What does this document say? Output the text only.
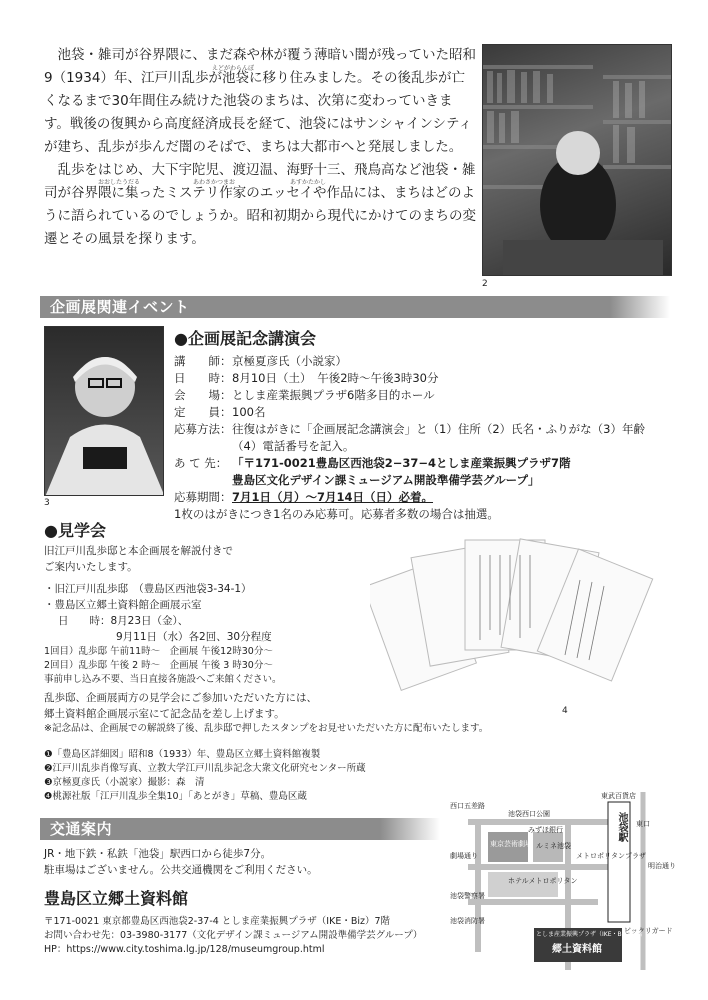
2

池袋・雑司が谷界隈に、まだ森や林が覆う薄暗い闇が残っていた昭和9（1934）年、江戸川乱歩が池袋に移り住みました。その後乱歩が亡くなるまで30年間住み続けた池袋のまちは、次第に変わっていきます。戦後の復興から高度経済成長を経て、池袋にはサンシャインシティが建ち、乱歩が歩んだ闇のそばで、まちは大都市へと発展しました。

乱歩をはじめ、大下宇陀児、渡辺温、海野十三、飛鳥高など池袋・雑司が谷界隈に集ったミステリ作家のエッセイや作品には、まちはどのように語られているのでしょうか。昭和初期から現代にかけてのまちの変遷とその風景を探ります。

えどがわらんぽ
おおしたうだる	あわさかつまお	あすかたかし
企画展関連イベント
3
●企画展記念講演会
講　　師： 京極夏彦氏（小説家）
日　　時： 8月10日（土）　午後2時〜午後3時30分
会　　場： としま産業振興プラザ6階多目的ホール
定　　員： 100名
応募方法： 往復はがきに「企画展記念講演会」と（1）住所（2）氏名・ふりがな（3）年齢
（4）電話番号を記入。
あ て 先： 「〒171-0021豊島区西池袋2−37−4としま産業振興プラザ7階
豊島区文化デザイン課ミュージアム開設準備学芸グループ」
応募期間： 7月1日（月）〜7月14日（日）必着。
1枚のはがきにつき1名のみ応募可。応募者多数の場合は抽選。
●見学会
旧江戸川乱歩邸と本企画展を解説付きで
ご案内いたします。
・旧江戸川乱歩邸　（豊島区西池袋3-34-1）
・豊島区立郷土資料館企画展示室
日　　時：8月23日（金）、
9月11日（水）各2回、30分程度
1回目）乱歩邸 午前11時〜　企画展 午後12時30分〜
2回目）乱歩邸 午後 2 時〜　企画展 午後 3 時30分〜
事前申し込み不要、当日直接各施設へご来館ください。
4
乱歩邸、企画展両方の見学会にご参加いただいた方には、
郷土資料館企画展示室にて記念品を差し上げます。
※記念品は、企画展での解説終了後、乱歩邸で押したスタンプをお見せいただいた方に配布いたします。
❶「豊島区詳細図」昭和8（1933）年、豊島区立郷土資料館複製
❷江戸川乱歩肖像写真、立教大学江戸川乱歩記念大衆文化研究センター所蔵
❸京極夏彦氏（小説家）撮影：森　清
❹桃源社版「江戸川乱歩全集10」「あとがき」草稿、豊島区蔵
交通案内
JR・地下鉄・私鉄「池袋」駅西口から徒歩7分。
駐車場はございません。公共交通機関をご利用ください。
豊島区立郷土資料館
〒171-0021 東京都豊島区西池袋2-37-4 としま産業振興プラザ（IKE・Biz）7階
お問い合わせ先：03-3980-3177（文化デザイン課ミュージアム開設準備学芸グループ）
HP：https://www.city.toshima.lg.jp/128/museumgroup.html
東武百貨店
西口五差路
池袋西口公園
みずほ銀行
東京芸術劇場 ルミネ池袋
メトロポリタンプラザ
ホテルメトロポリタン
池袋警察署
劇場通り
池袋消防署
明治通り
ビックリガード
東口
池袋駅
としま産業振興プラザ（IKE・Biz）7階
郷土資料館
